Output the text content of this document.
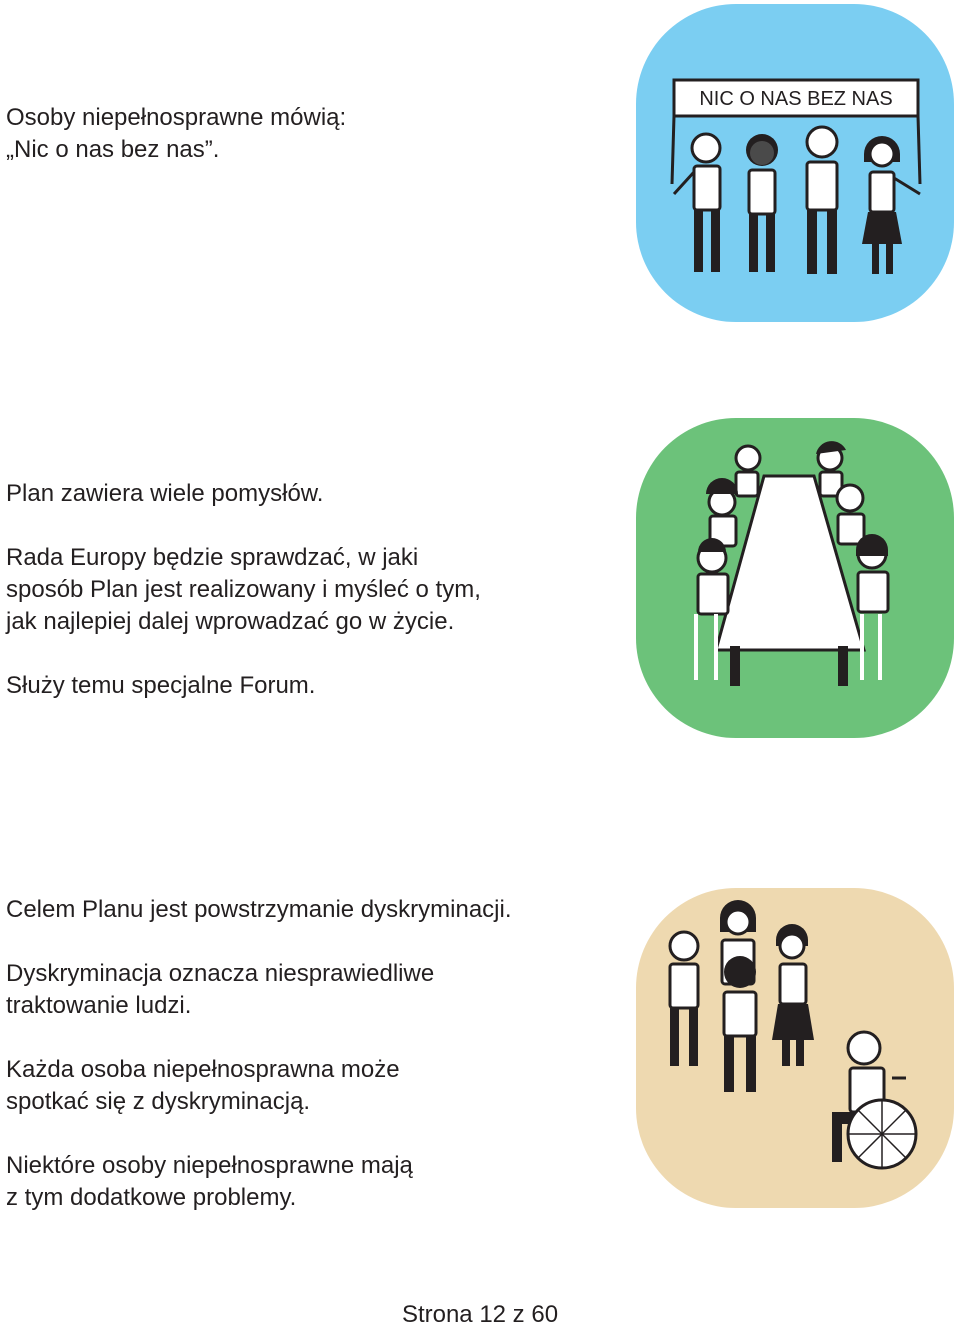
Osoby niepełnosprawne mówią:
„Nic o nas bez nas”.

NIC O NAS BEZ NAS

Plan zawiera wiele pomysłów.

Rada Europy będzie sprawdzać, w jaki
sposób Plan jest realizowany i myśleć o tym,
jak najlepiej dalej wprowadzać go w życie.

Służy temu specjalne Forum.

Celem Planu jest powstrzymanie dyskryminacji.

Dyskryminacja oznacza niesprawiedliwe
traktowanie ludzi.

Każda osoba niepełnosprawna może
spotkać się z dyskryminacją.

Niektóre osoby niepełnosprawne mają
z tym dodatkowe problemy.

Strona 12 z 60
